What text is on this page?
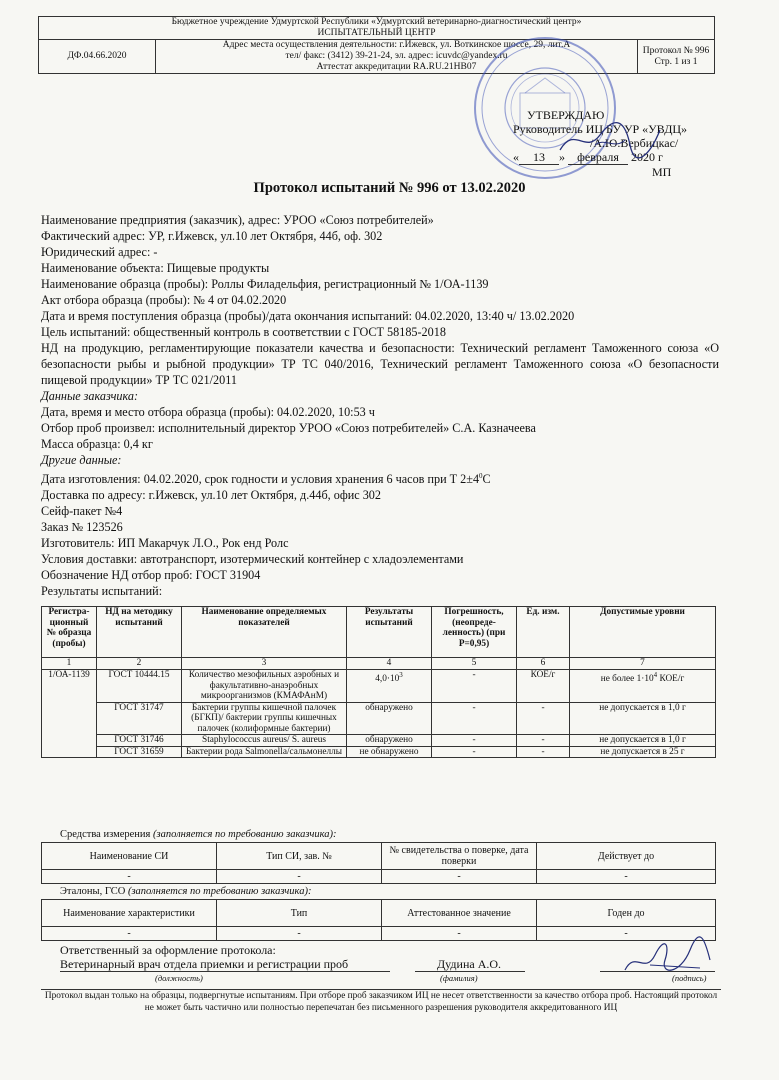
Бюджетное учреждение Удмуртской Республики «Удмуртский ветеринарно-диагностический центр»
ИСПЫТАТЕЛЬНЫЙ ЦЕНТР
ДФ.04.66.2020	Адрес места осуществления деятельности: г.Ижевск, ул. Воткинское шоссе, 29, лит.А
тел/ факс: (3412) 39-21-24, эл. адрес: icuvdc@yandex.ru
Аттестат аккредитации RA.RU.21HB07	Протокол № 996
Стр. 1 из 1
УТВЕРЖДАЮ
Руководитель ИЦ БУ УР «УВДЦ»
/А.Ю.Вербицкас/
« 13 » февраля 2020 г
МП
Протокол испытаний № 996 от 13.02.2020
Наименование предприятия (заказчик), адрес: УРОО «Союз потребителей»
Фактический адрес: УР, г.Ижевск, ул.10 лет Октября, 44б, оф. 302
Юридический адрес: -
Наименование объекта: Пищевые продукты
Наименование образца (пробы): Роллы Филадельфия, регистрационный № 1/ОА-1139
Акт отбора образца (пробы): № 4 от 04.02.2020
Дата и время поступления образца (пробы)/дата окончания испытаний: 04.02.2020, 13:40 ч/ 13.02.2020
Цель испытаний: общественный контроль в соответствии с ГОСТ 58185-2018
НД на продукцию, регламентирующие показатели качества и безопасности: Технический регламент Таможенного союза «О безопасности рыбы и рыбной продукции» ТР ТС 040/2016, Технический регламент Таможенного союза «О безопасности пищевой продукции» ТР ТС 021/2011
Данные заказчика:
Дата, время и место отбора образца (пробы): 04.02.2020, 10:53 ч
Отбор проб произвел: исполнительный директор УРОО «Союз потребителей» С.А. Казначеева
Масса образца: 0,4 кг
Другие данные:
Дата изготовления: 04.02.2020, срок годности и условия хранения 6 часов при Т $2\pm 4^0С$
Доставка по адресу: г.Ижевск, ул.10 лет Октября, д.44б, офис 302
Сейф-пакет №4
Заказ № 123526
Изготовитель: ИП Макарчук Л.О., Рок енд Ролс
Условия доставки: автотранспорт, изотермический контейнер с хладоэлементами
Обозначение НД отбор проб: ГОСТ 31904
Результаты испытаний:
Регистра-ционный № образца (пробы)	НД на методику испытаний	Наименование определяемых показателей	Результаты испытаний	Погрешность, (неопреде-ленность) (при Р=0,95)	Ед. изм.	Допустимые уровни
1	2	3	4	5	6	7
1/ОА-1139	ГОСТ 10444.15	Количество мезофильных аэробных и факультативно-анаэробных микроорганизмов (КМАФАнМ)	$4,0\cdot 10^3$	-	КОЕ/г	не более $1\cdot 10^4$ КОЕ/г
	ГОСТ 31747	Бактерии группы кишечной палочек (БГКП)/ бактерии группы кишечных палочек (колиформные бактерии)	обнаружено	-	-	не допускается в 1,0 г
	ГОСТ 31746	Staphylococcus aureus/ S. aureus	обнаружено	-	-	не допускается в 1,0 г
	ГОСТ 31659	Бактерии рода Salmonella/сальмонеллы	не обнаружено	-	-	не допускается в 25 г
Средства измерения (заполняется по требованию заказчика):
Наименование СИ	Тип СИ, зав. №	№ свидетельства о поверке, дата поверки	Действует до
-	-	-	-
Эталоны, ГСО (заполняется по требованию заказчика):
Наименование характеристики	Тип	Аттестованное значение	Годен до
-	-	-	-
Ответственный за оформление протокола:
Ветеринарный врач отдела приемки и регистрации проб	Дудина А.О.
(должность)	(фамилия)	(подпись)
Протокол выдан только на образцы, подвергнутые испытаниям. При отборе проб заказчиком ИЦ не несет ответственности за качество отбора проб. Настоящий протокол не может быть частично или полностью перепечатан без письменного разрешения руководителя аккредитованного ИЦ
